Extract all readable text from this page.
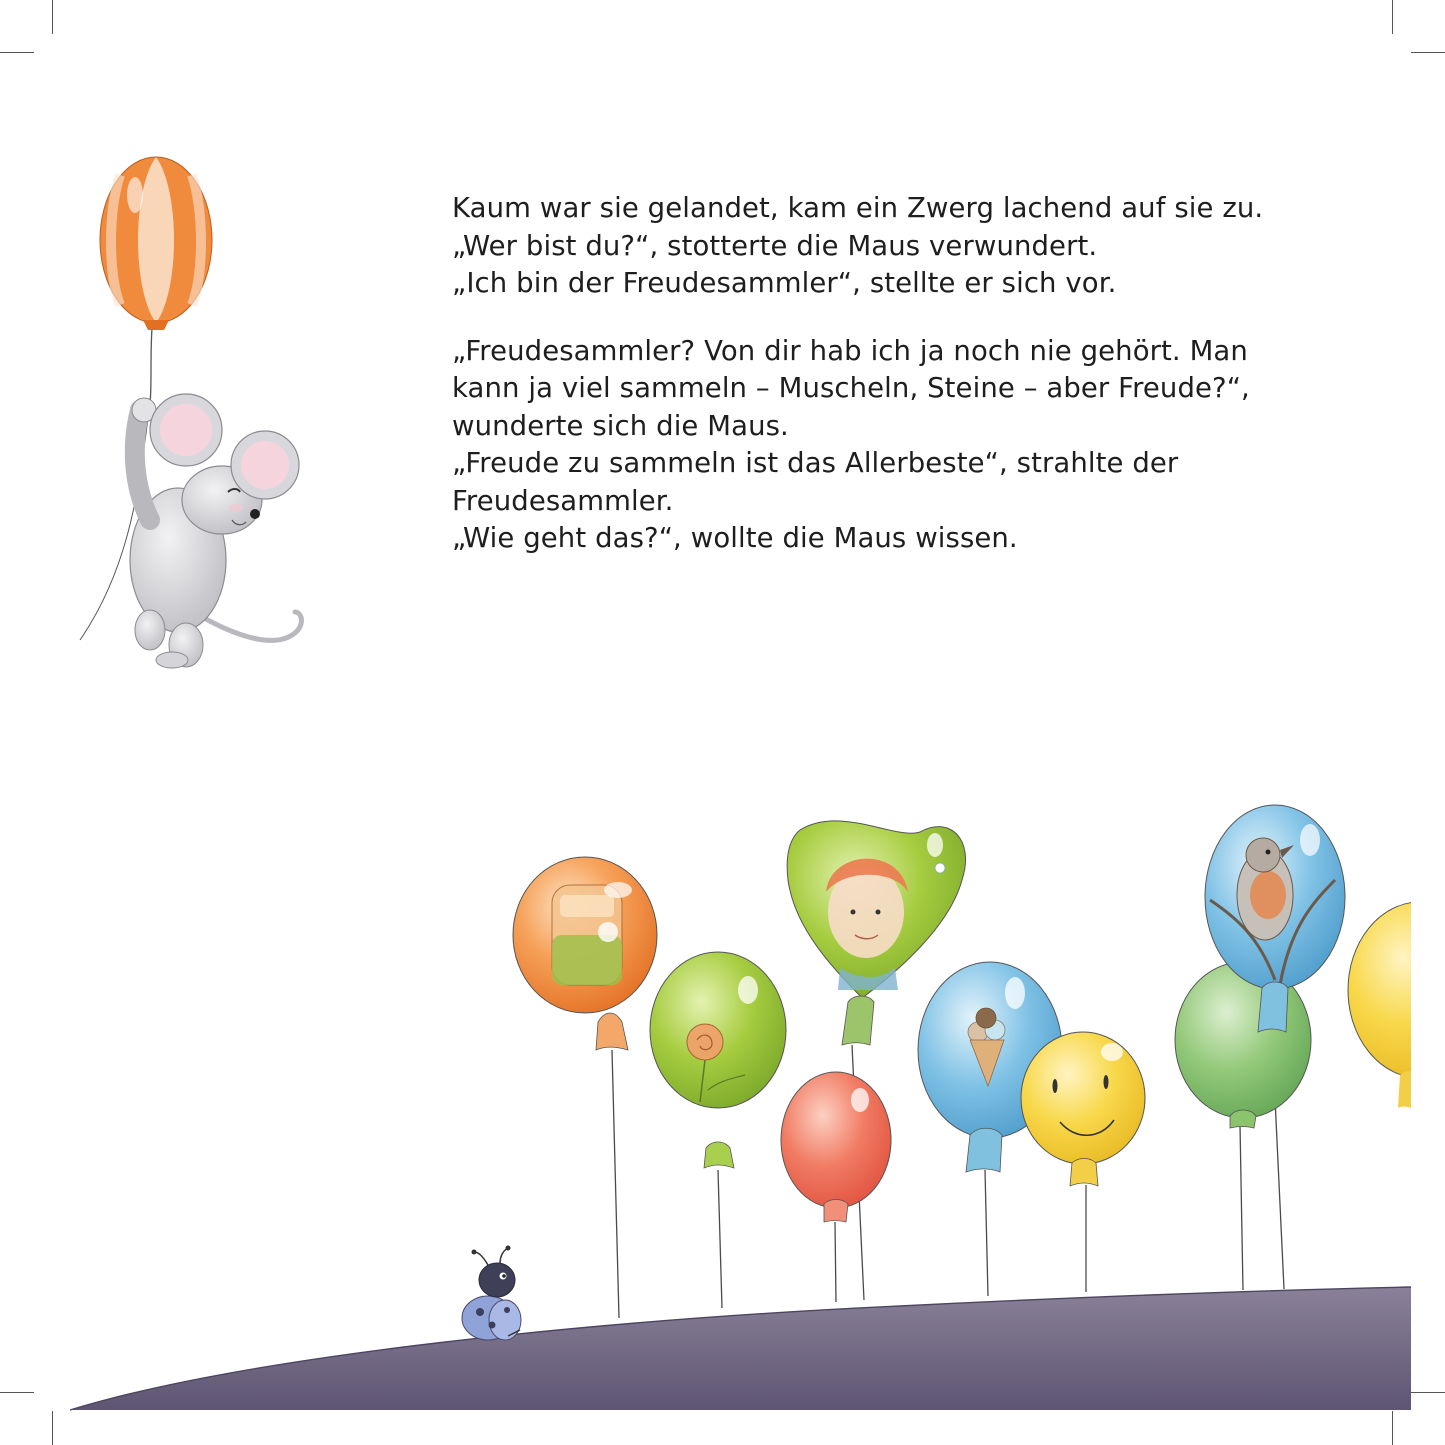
Kaum war sie gelandet, kam ein Zwerg lachend auf sie zu.

„Wer bist du?“, stotterte die Maus verwundert.

„Ich bin der Freudesammler“, stellte er sich vor.

„Freudesammler? Von dir hab ich ja noch nie gehört. Man

kann ja viel sammeln – Muscheln, Steine – aber Freude?“,

wunderte sich die Maus.

„Freude zu sammeln ist das Allerbeste“, strahlte der

Freudesammler.

„Wie geht das?“, wollte die Maus wissen.
